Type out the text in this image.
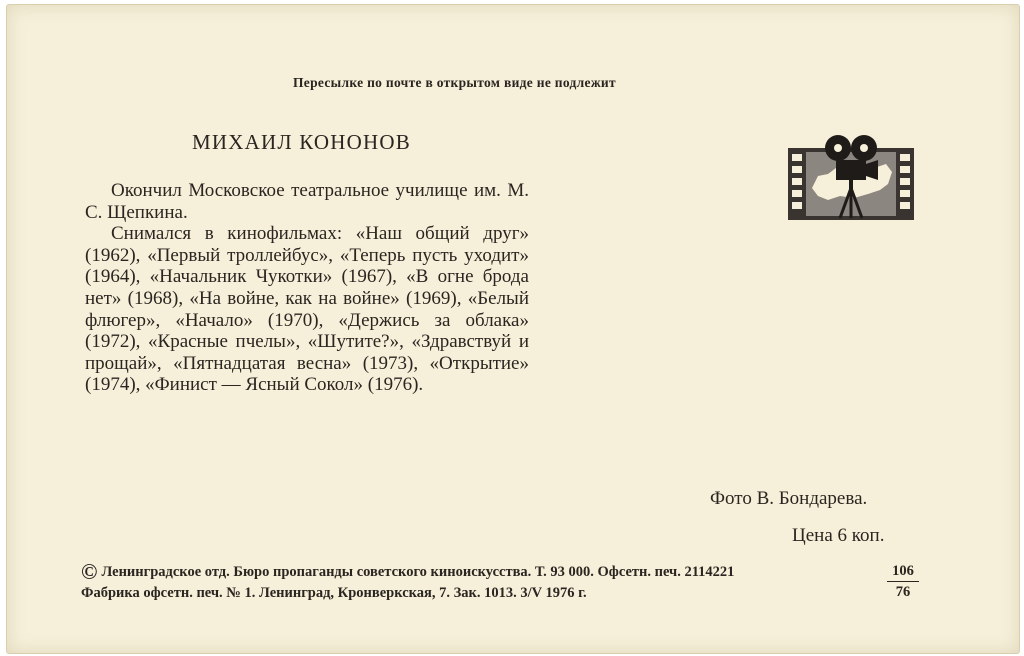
Пересылке по почте в открытом виде не подлежит
МИХАИЛ КОНОНОВ

Окончил Московское театральное училище им. М. С. Щепкина.

Снимался в кинофильмах: «Наш общий друг» (1962), «Первый троллейбус», «Теперь пусть уходит» (1964), «Начальник Чукотки» (1967), «В огне брода нет» (1968), «На войне, как на войне» (1969), «Белый флюгер», «Начало» (1970), «Держись за облака» (1972), «Красные пчелы», «Шутите?», «Здравствуй и прощай», «Пятнадцатая весна» (1973), «Открытие» (1974), «Финист — Ясный Сокол» (1976).

Фото В. Бондарева.
Цена 6 коп.
© Ленинградское отд. Бюро пропаганды советского киноискусства. Т. 93 000. Офсетн. печ. 2114221
Фабрика офсетн. печ. № 1. Ленинград, Кронверкская, 7. Зак. 1013. 3/V 1976 г.	$\frac{106}{76}$
